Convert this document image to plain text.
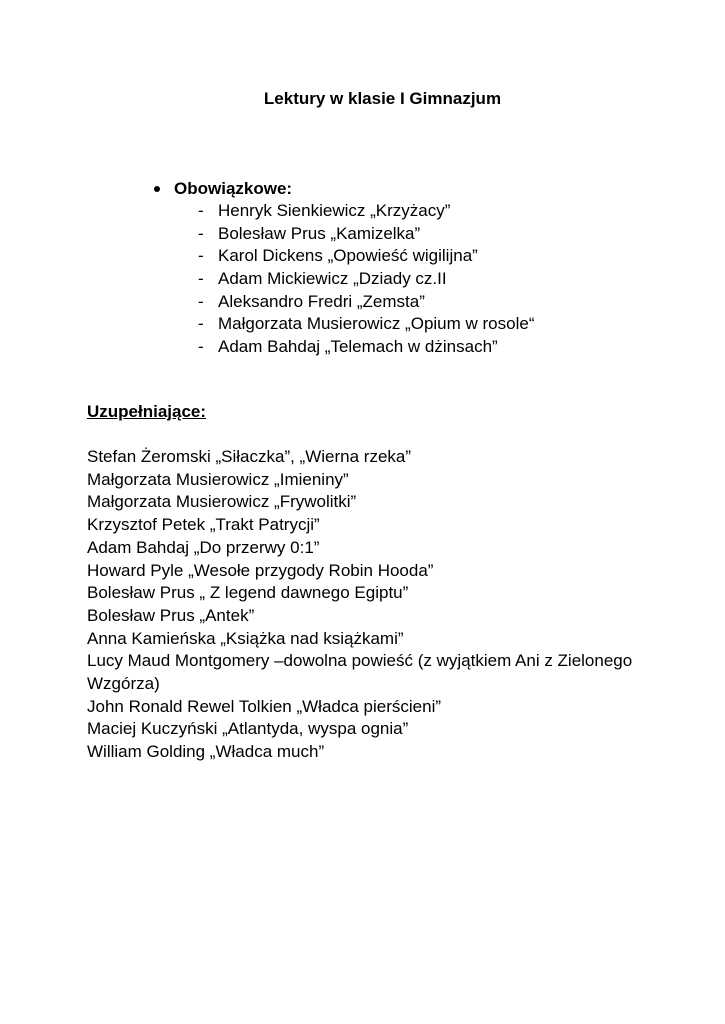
Lektury w klasie I Gimnazjum
Obowiązkowe:
- Henryk Sienkiewicz „Krzyżacy”
- Bolesław Prus „Kamizelka”
- Karol Dickens „Opowieść wigilijna”
- Adam Mickiewicz „Dziady cz.II
- Aleksandro Fredri „Zemsta”
- Małgorzata Musierowicz „Opium w rosole“
- Adam Bahdaj „Telemach w dżinsach”
Uzupełniające:
Stefan Żeromski „Siłaczka”, „Wierna rzeka”
Małgorzata Musierowicz „Imieniny”
Małgorzata Musierowicz „Frywolitki”
Krzysztof Petek „Trakt Patrycji”
Adam Bahdaj „Do przerwy 0:1”
Howard Pyle „Wesołe przygody Robin Hooda”
Bolesław Prus „ Z legend dawnego Egiptu”
Bolesław Prus „Antek”
Anna Kamieńska „Książka nad książkami”
Lucy Maud Montgomery –dowolna powieść (z wyjątkiem Ani z Zielonego Wzgórza)
John Ronald Rewel Tolkien „Władca pierścieni”
Maciej Kuczyński „Atlantyda, wyspa ognia”
William Golding „Władca much”
